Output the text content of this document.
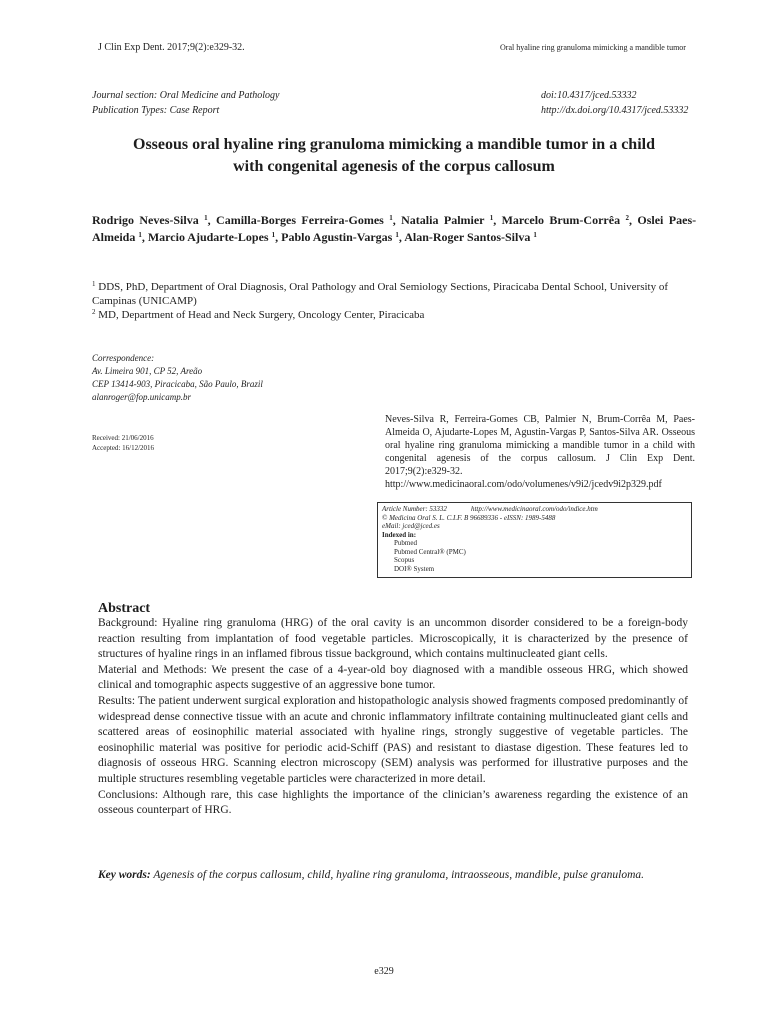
J Clin Exp Dent. 2017;9(2):e329-32.	Oral hyaline ring granuloma mimicking a mandible tumor
Journal section: Oral Medicine and Pathology
Publication Types: Case Report
doi:10.4317/jced.53332
http://dx.doi.org/10.4317/jced.53332
Osseous oral hyaline ring granuloma mimicking a mandible tumor in a child
with congenital agenesis of the corpus callosum
Rodrigo Neves-Silva $^1$, Camilla-Borges Ferreira-Gomes $^1$, Natalia Palmier $^1$, Marcelo Brum-Corrêa $^2$, Oslei Paes-Almeida $^1$, Marcio Ajudarte-Lopes $^1$, Pablo Agustin-Vargas $^1$, Alan-Roger Santos-Silva $^1$
$^1$ DDS, PhD, Department of Oral Diagnosis, Oral Pathology and Oral Semiology Sections, Piracicaba Dental School, University of Campinas (UNICAMP)
$^2$ MD, Department of Head and Neck Surgery, Oncology Center, Piracicaba
Correspondence:
Av. Limeira 901, CP 52, Areão
CEP 13414-903, Piracicaba, São Paulo, Brazil
alanroger@fop.unicamp.br
Received: 21/06/2016
Accepted: 16/12/2016
Neves-Silva R, Ferreira-Gomes CB, Palmier N, Brum-Corrêa M, Paes-Almeida O, Ajudarte-Lopes M, Agustin-Vargas P, Santos-Silva AR. Osseous oral hyaline ring granuloma mimicking a mandible tumor in a child with congenital agenesis of the corpus callosum. J Clin Exp Dent. 2017;9(2):e329-32.
http://www.medicinaoral.com/odo/volumenes/v9i2/jcedv9i2p329.pdf
Article Number: 53332	http://www.medicinaoral.com/odo/indice.htm
© Medicina Oral S. L. C.I.F. B 96689336 - eISSN: 1989-5488
eMail: jced@jced.es
Indexed in:
Pubmed
Pubmed Central® (PMC)
Scopus
DOI® System
Abstract

Background: Hyaline ring granuloma (HRG) of the oral cavity is an uncommon disorder considered to be a foreign-body reaction resulting from implantation of food vegetable particles. Microscopically, it is characterized by the presence of structures of hyaline rings in an inflamed fibrous tissue background, which contains multinucleated giant cells.

Material and Methods: We present the case of a 4-year-old boy diagnosed with a mandible osseous HRG, which showed clinical and tomographic aspects suggestive of an aggressive bone tumor.

Results: The patient underwent surgical exploration and histopathologic analysis showed fragments composed predominantly of widespread dense connective tissue with an acute and chronic inflammatory infiltrate containing multinucleated giant cells and scattered areas of eosinophilic material associated with hyaline rings, strongly suggestive of vegetable particles. The eosinophilic material was positive for periodic acid-Schiff (PAS) and resistant to diastase digestion. These features led to diagnosis of osseous HRG. Scanning electron microscopy (SEM) analysis was performed for illustrative purposes and the multiple structures resembling vegetable particles were characterized in more detail.

Conclusions: Although rare, this case highlights the importance of the clinician’s awareness regarding the existence of an osseous counterpart of HRG.

Key words: Agenesis of the corpus callosum, child, hyaline ring granuloma, intraosseous, mandible, pulse granuloma.
e329
